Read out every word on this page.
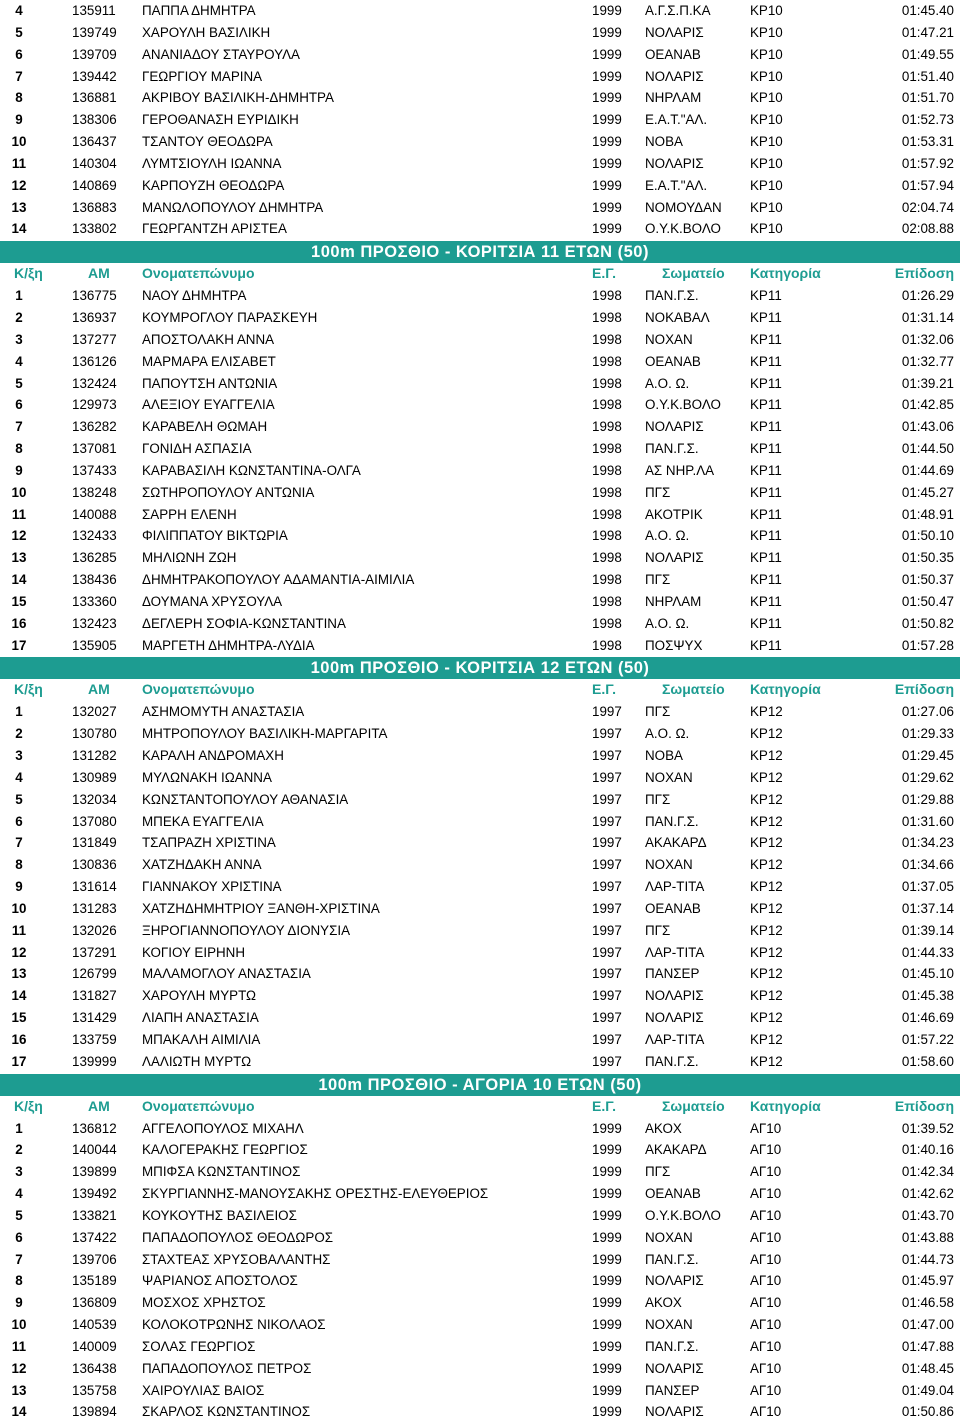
4	135911	ΠΑΠΠΑ ΔΗΜΗΤΡΑ	1999	Α.Γ.Σ.Π.ΚΑ	ΚΡ10	01:45.40
5	139749	ΧΑΡΟΥΛΗ ΒΑΣΙΛΙΚΗ	1999	ΝΟΛΑΡΙΣ	ΚΡ10	01:47.21
6	139709	ΑΝΑΝΙΑΔΟΥ ΣΤΑΥΡΟΥΛΑ	1999	ΟΕΑΝΑΒ	ΚΡ10	01:49.55
7	139442	ΓΕΩΡΓΙΟΥ ΜΑΡΙΝΑ	1999	ΝΟΛΑΡΙΣ	ΚΡ10	01:51.40
8	136881	ΑΚΡΙΒΟΥ ΒΑΣΙΛΙΚΗ-ΔΗΜΗΤΡΑ	1999	ΝΗΡΛΑΜ	ΚΡ10	01:51.70
9	138306	ΓΕΡΟΘΑΝΑΣΗ ΕΥΡΙΔΙΚΗ	1999	Ε.Α.Τ."ΑΛ.	ΚΡ10	01:52.73
10	136437	ΤΣΑΝΤΟΥ ΘΕΟΔΩΡΑ	1999	ΝΟΒΑ	ΚΡ10	01:53.31
11	140304	ΛΥΜΤΣΙΟΥΛΗ ΙΩΑΝΝΑ	1999	ΝΟΛΑΡΙΣ	ΚΡ10	01:57.92
12	140869	ΚΑΡΠΟΥΖΗ ΘΕΟΔΩΡΑ	1999	Ε.Α.Τ."ΑΛ.	ΚΡ10	01:57.94
13	136883	ΜΑΝΩΛΟΠΟΥΛΟΥ ΔΗΜΗΤΡΑ	1999	ΝΟΜΟΥΔΑΝ	ΚΡ10	02:04.74
14	133802	ΓΕΩΡΓΑΝΤΖΗ ΑΡΙΣΤΕΑ	1999	Ο.Υ.Κ.ΒΟΛΟ	ΚΡ10	02:08.88
100m ΠΡΟΣΘΙΟ - ΚΟΡΙΤΣΙΑ 11 ΕΤΩΝ (50)
Κ/ξη	ΑΜ	Ονοματεπώνυμο	Ε.Γ.	Σωματείο	Κατηγορία	Επίδοση
1	136775	ΝΑΟΥ ΔΗΜΗΤΡΑ	1998	ΠΑΝ.Γ.Σ.	ΚΡ11	01:26.29
2	136937	ΚΟΥΜΡΟΓΛΟΥ ΠΑΡΑΣΚΕΥΗ	1998	ΝΟΚΑΒΑΛ	ΚΡ11	01:31.14
3	137277	ΑΠΟΣΤΟΛΑΚΗ ΑΝΝΑ	1998	ΝΟΧΑΝ	ΚΡ11	01:32.06
4	136126	ΜΑΡΜΑΡΑ ΕΛΙΣΑΒΕΤ	1998	ΟΕΑΝΑΒ	ΚΡ11	01:32.77
5	132424	ΠΑΠΟΥΤΣΗ ΑΝΤΩΝΙΑ	1998	Α.Ο. Ω.	ΚΡ11	01:39.21
6	129973	ΑΛΕΞΙΟΥ ΕΥΑΓΓΕΛΙΑ	1998	Ο.Υ.Κ.ΒΟΛΟ	ΚΡ11	01:42.85
7	136282	ΚΑΡΑΒΕΛΗ ΘΩΜΑΗ	1998	ΝΟΛΑΡΙΣ	ΚΡ11	01:43.06
8	137081	ΓΟΝΙΔΗ ΑΣΠΑΣΙΑ	1998	ΠΑΝ.Γ.Σ.	ΚΡ11	01:44.50
9	137433	ΚΑΡΑΒΑΣΙΛΗ ΚΩΝΣΤΑΝΤΙΝΑ-ΟΛΓΑ	1998	ΑΣ ΝΗΡ.ΛΑ	ΚΡ11	01:44.69
10	138248	ΣΩΤΗΡΟΠΟΥΛΟΥ ΑΝΤΩΝΙΑ	1998	ΠΓΣ	ΚΡ11	01:45.27
11	140088	ΣΑΡΡΗ ΕΛΕΝΗ	1998	ΑΚΟΤΡΙΚ	ΚΡ11	01:48.91
12	132433	ΦΙΛΙΠΠΑΤΟΥ ΒΙΚΤΩΡΙΑ	1998	Α.Ο. Ω.	ΚΡ11	01:50.10
13	136285	ΜΗΛΙΩΝΗ ΖΩΗ	1998	ΝΟΛΑΡΙΣ	ΚΡ11	01:50.35
14	138436	ΔΗΜΗΤΡΑΚΟΠΟΥΛΟΥ ΑΔΑΜΑΝΤΙΑ-ΑΙΜΙΛΙΑ	1998	ΠΓΣ	ΚΡ11	01:50.37
15	133360	ΔΟΥΜΑΝΑ ΧΡΥΣΟΥΛΑ	1998	ΝΗΡΛΑΜ	ΚΡ11	01:50.47
16	132423	ΔΕΓΛΕΡΗ ΣΟΦΙΑ-ΚΩΝΣΤΑΝΤΙΝΑ	1998	Α.Ο. Ω.	ΚΡ11	01:50.82
17	135905	ΜΑΡΓΕΤΗ ΔΗΜΗΤΡΑ-ΛΥΔΙΑ	1998	ΠΟΣΨΥΧ	ΚΡ11	01:57.28
100m ΠΡΟΣΘΙΟ - ΚΟΡΙΤΣΙΑ 12 ΕΤΩΝ (50)
Κ/ξη	ΑΜ	Ονοματεπώνυμο	Ε.Γ.	Σωματείο	Κατηγορία	Επίδοση
1	132027	ΑΣΗΜΟΜΥΤΗ ΑΝΑΣΤΑΣΙΑ	1997	ΠΓΣ	ΚΡ12	01:27.06
2	130780	ΜΗΤΡΟΠΟΥΛΟΥ ΒΑΣΙΛΙΚΗ-ΜΑΡΓΑΡΙΤΑ	1997	Α.Ο. Ω.	ΚΡ12	01:29.33
3	131282	ΚΑΡΑΛΗ ΑΝΔΡΟΜΑΧΗ	1997	ΝΟΒΑ	ΚΡ12	01:29.45
4	130989	ΜΥΛΩΝΑΚΗ ΙΩΑΝΝΑ	1997	ΝΟΧΑΝ	ΚΡ12	01:29.62
5	132034	ΚΩΝΣΤΑΝΤΟΠΟΥΛΟΥ ΑΘΑΝΑΣΙΑ	1997	ΠΓΣ	ΚΡ12	01:29.88
6	137080	ΜΠΕΚΑ ΕΥΑΓΓΕΛΙΑ	1997	ΠΑΝ.Γ.Σ.	ΚΡ12	01:31.60
7	131849	ΤΣΑΠΡΑΖΗ ΧΡΙΣΤΙΝΑ	1997	ΑΚΑΚΑΡΔ	ΚΡ12	01:34.23
8	130836	ΧΑΤΖΗΔΑΚΗ ΑΝΝΑ	1997	ΝΟΧΑΝ	ΚΡ12	01:34.66
9	131614	ΓΙΑΝΝΑΚΟΥ ΧΡΙΣΤΙΝΑ	1997	ΛΑΡ-ΤΙΤΑ	ΚΡ12	01:37.05
10	131283	ΧΑΤΖΗΔΗΜΗΤΡΙΟΥ ΞΑΝΘΗ-ΧΡΙΣΤΙΝΑ	1997	ΟΕΑΝΑΒ	ΚΡ12	01:37.14
11	132026	ΞΗΡΟΓΙΑΝΝΟΠΟΥΛΟΥ ΔΙΟΝΥΣΙΑ	1997	ΠΓΣ	ΚΡ12	01:39.14
12	137291	ΚΟΓΙΟΥ ΕΙΡΗΝΗ	1997	ΛΑΡ-ΤΙΤΑ	ΚΡ12	01:44.33
13	126799	ΜΑΛΑΜΟΓΛΟΥ ΑΝΑΣΤΑΣΙΑ	1997	ΠΑΝΣΕΡ	ΚΡ12	01:45.10
14	131827	ΧΑΡΟΥΛΗ ΜΥΡΤΩ	1997	ΝΟΛΑΡΙΣ	ΚΡ12	01:45.38
15	131429	ΛΙΑΠΗ ΑΝΑΣΤΑΣΙΑ	1997	ΝΟΛΑΡΙΣ	ΚΡ12	01:46.69
16	133759	ΜΠΑΚΑΛΗ ΑΙΜΙΛΙΑ	1997	ΛΑΡ-ΤΙΤΑ	ΚΡ12	01:57.22
17	139999	ΛΑΛΙΩΤΗ ΜΥΡΤΩ	1997	ΠΑΝ.Γ.Σ.	ΚΡ12	01:58.60
100m ΠΡΟΣΘΙΟ - ΑΓΟΡΙΑ 10 ΕΤΩΝ (50)
Κ/ξη	ΑΜ	Ονοματεπώνυμο	Ε.Γ.	Σωματείο	Κατηγορία	Επίδοση
1	136812	ΑΓΓΕΛΟΠΟΥΛΟΣ ΜΙΧΑΗΛ	1999	ΑΚΟΧ	ΑΓ10	01:39.52
2	140044	ΚΑΛΟΓΕΡΑΚΗΣ ΓΕΩΡΓΙΟΣ	1999	ΑΚΑΚΑΡΔ	ΑΓ10	01:40.16
3	139899	ΜΠΙΦΣΑ ΚΩΝΣΤΑΝΤΙΝΟΣ	1999	ΠΓΣ	ΑΓ10	01:42.34
4	139492	ΣΚΥΡΓΙΑΝΝΗΣ-ΜΑΝΟΥΣΑΚΗΣ ΟΡΕΣΤΗΣ-ΕΛΕΥΘΕΡΙΟΣ	1999	ΟΕΑΝΑΒ	ΑΓ10	01:42.62
5	133821	ΚΟΥΚΟΥΤΗΣ ΒΑΣΙΛΕΙΟΣ	1999	Ο.Υ.Κ.ΒΟΛΟ	ΑΓ10	01:43.70
6	137422	ΠΑΠΑΔΟΠΟΥΛΟΣ ΘΕΟΔΩΡΟΣ	1999	ΝΟΧΑΝ	ΑΓ10	01:43.88
7	139706	ΣΤΑΧΤΕΑΣ ΧΡΥΣΟΒΑΛΑΝΤΗΣ	1999	ΠΑΝ.Γ.Σ.	ΑΓ10	01:44.73
8	135189	ΨΑΡΙΑΝΟΣ ΑΠΟΣΤΟΛΟΣ	1999	ΝΟΛΑΡΙΣ	ΑΓ10	01:45.97
9	136809	ΜΟΣΧΟΣ ΧΡΗΣΤΟΣ	1999	ΑΚΟΧ	ΑΓ10	01:46.58
10	140539	ΚΟΛΟΚΟΤΡΩΝΗΣ ΝΙΚΟΛΑΟΣ	1999	ΝΟΧΑΝ	ΑΓ10	01:47.00
11	140009	ΣΟΛΑΣ ΓΕΩΡΓΙΟΣ	1999	ΠΑΝ.Γ.Σ.	ΑΓ10	01:47.88
12	136438	ΠΑΠΑΔΟΠΟΥΛΟΣ ΠΕΤΡΟΣ	1999	ΝΟΛΑΡΙΣ	ΑΓ10	01:48.45
13	135758	ΧΑΙΡΟΥΛΙΑΣ ΒΑΙΟΣ	1999	ΠΑΝΣΕΡ	ΑΓ10	01:49.04
14	139894	ΣΚΑΡΛΟΣ ΚΩΝΣΤΑΝΤΙΝΟΣ	1999	ΝΟΛΑΡΙΣ	ΑΓ10	01:50.86
